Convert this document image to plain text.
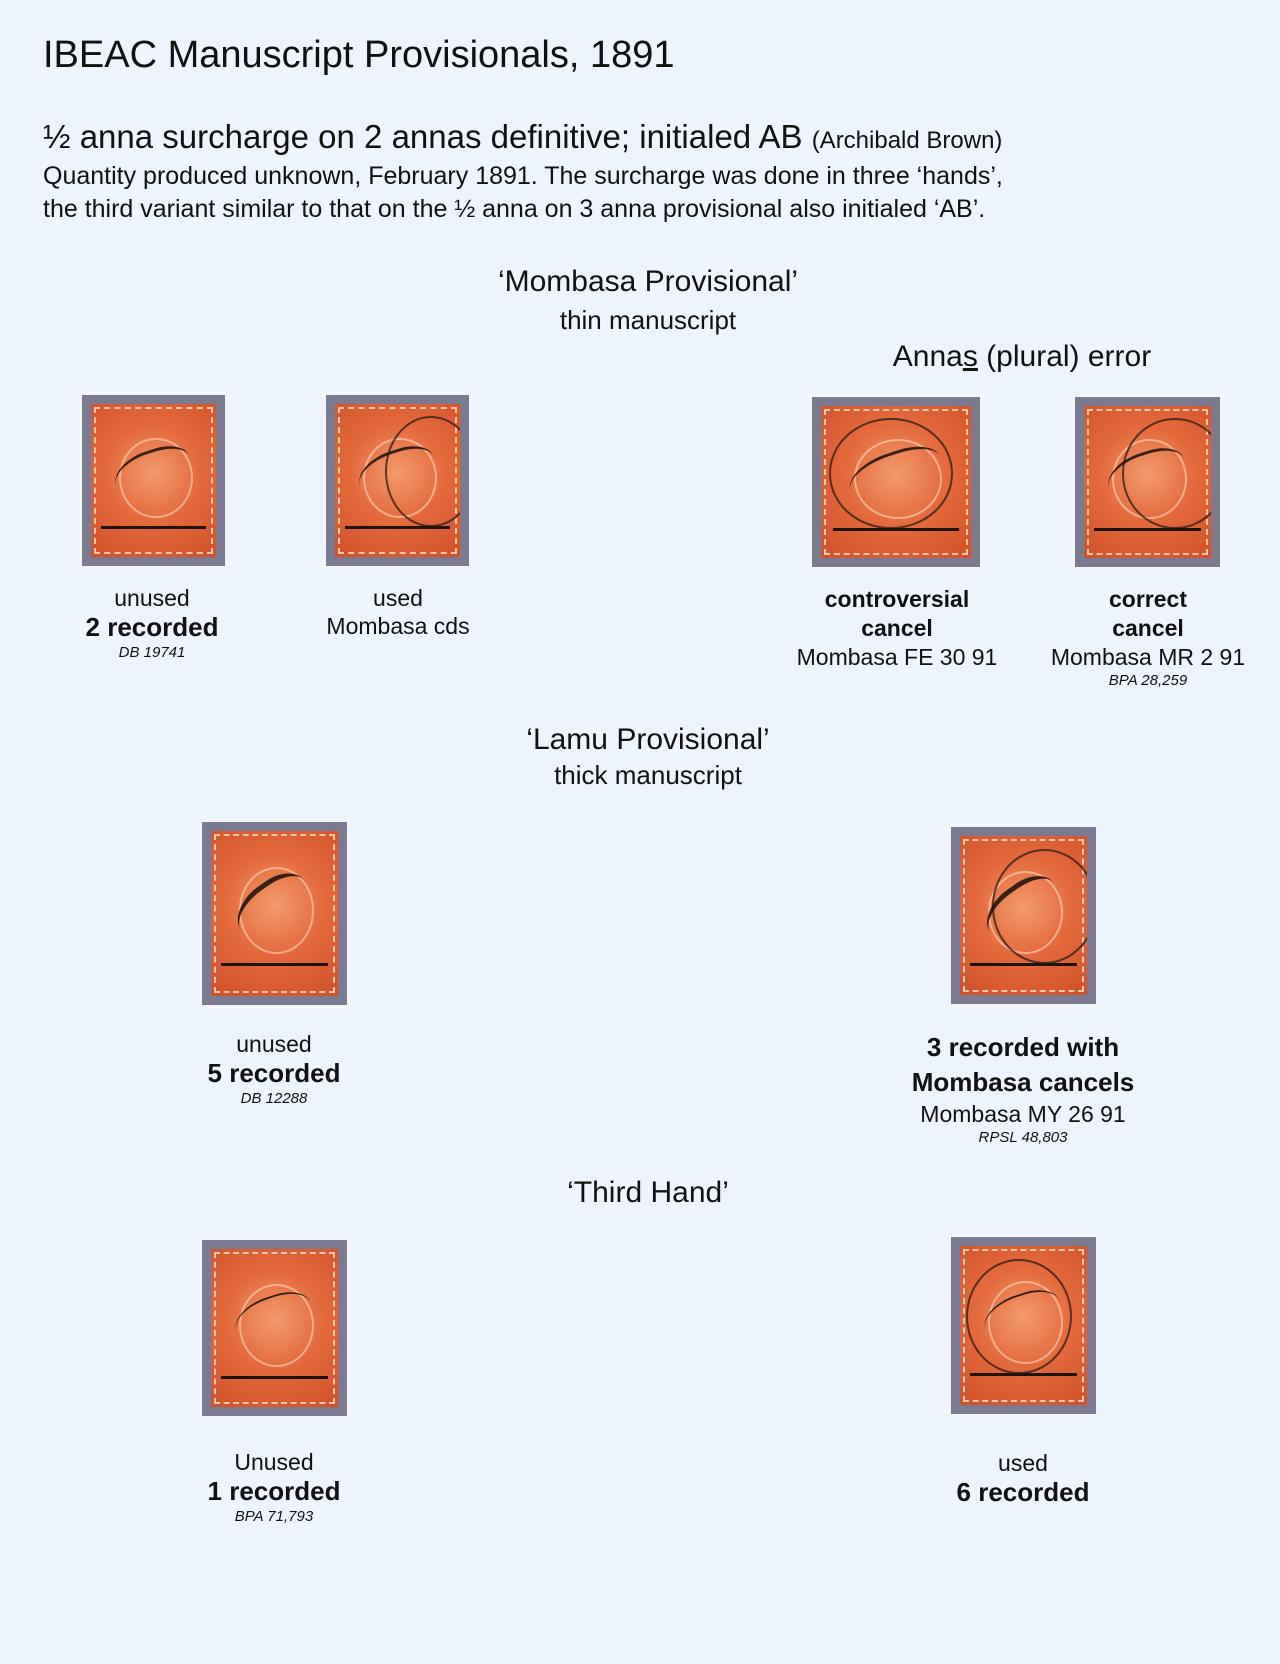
IBEAC Manuscript Provisionals, 1891
½ anna surcharge on 2 annas definitive; initialed AB (Archibald Brown)
Quantity produced unknown, February 1891. The surcharge was done in three ‘hands’,
the third variant similar to that on the ½ anna on 3 anna provisional also initialed ‘AB’.
‘Mombasa Provisional’
thin manuscript
Annas (plural) error
unused
2 recorded
DB 19741
used
Mombasa cds
controversial
cancel
Mombasa FE 30 91
correct
cancel
Mombasa MR 2 91
BPA 28,259
‘Lamu Provisional’
thick manuscript
unused
5 recorded
DB 12288
3 recorded with
Mombasa cancels
Mombasa MY 26 91
RPSL 48,803
‘Third Hand’
Unused
1 recorded
BPA 71,793
used
6 recorded
